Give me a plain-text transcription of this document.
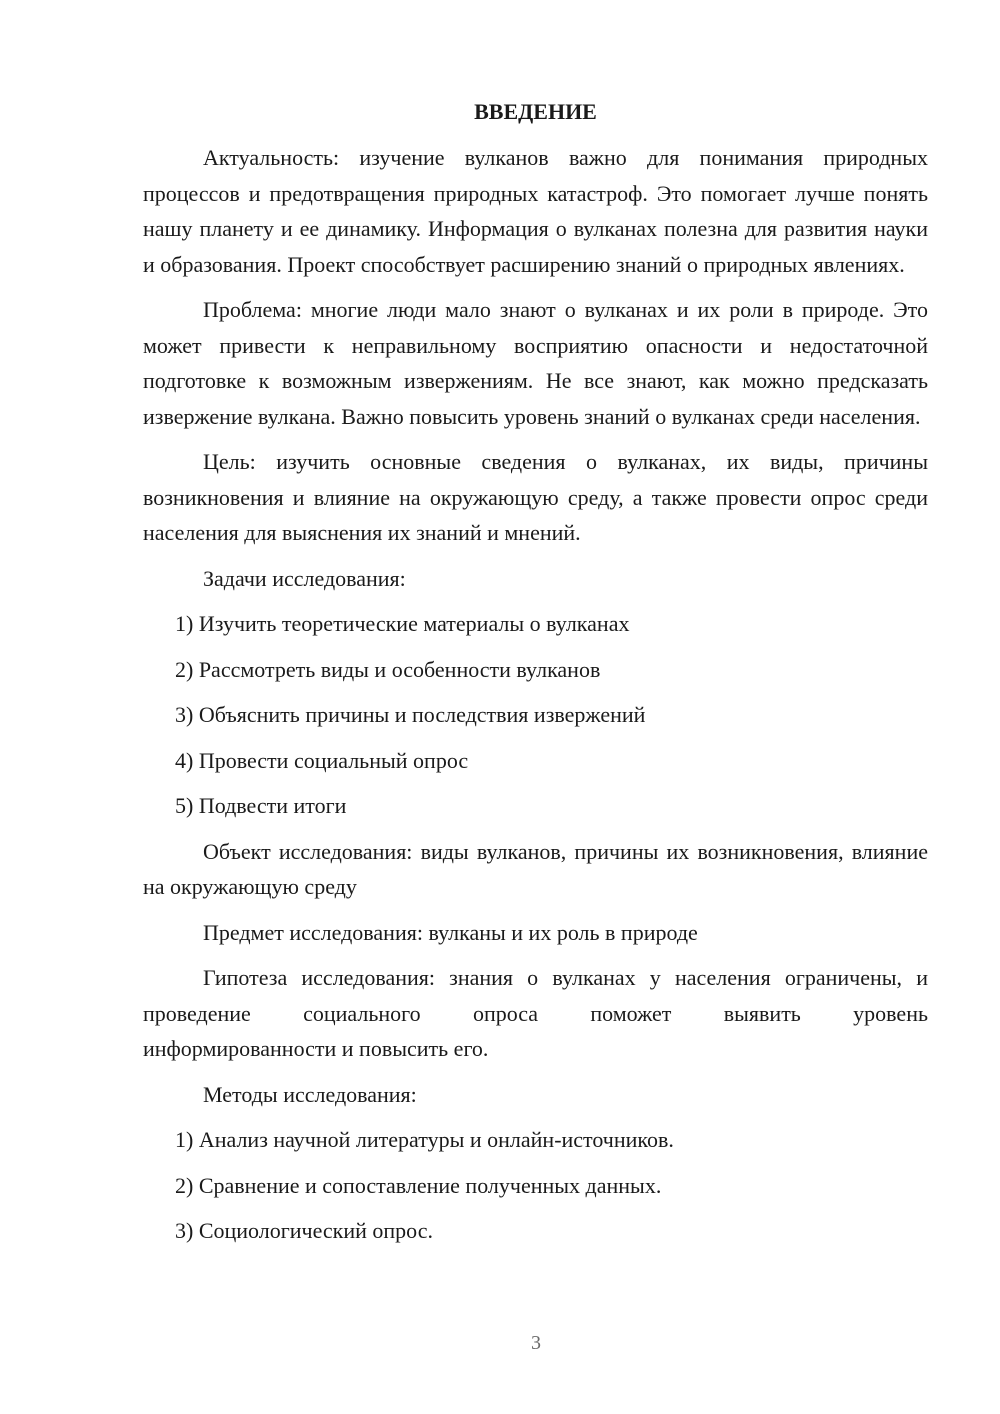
ВВЕДЕНИЕ

Актуальность: изучение вулканов важно для понимания природных процессов и предотвращения природных катастроф. Это помогает лучше понять нашу планету и ее динамику. Информация о вулканах полезна для развития науки и образования. Проект способствует расширению знаний о природных явлениях.

Проблема: многие люди мало знают о вулканах и их роли в природе. Это может привести к неправильному восприятию опасности и недостаточной подготовке к возможным извержениям. Не все знают, как можно предсказать извержение вулкана. Важно повысить уровень знаний о вулканах среди населения.

Цель: изучить основные сведения о вулканах, их виды, причины возникновения и влияние на окружающую среду, а также провести опрос среди населения для выяснения их знаний и мнений.

Задачи исследования:

1) Изучить теоретические материалы о вулканах
2) Рассмотреть виды и особенности вулканов
3) Объяснить причины и последствия извержений
4) Провести социальный опрос
5) Подвести итоги

Объект исследования: виды вулканов, причины их возникновения, влияние на окружающую среду

Предмет исследования: вулканы и их роль в природе

Гипотеза исследования: знания о вулканах у населения ограничены, и проведение социального опроса поможет выявить уровень
информированности и повысить его.

Методы исследования:

1) Анализ научной литературы и онлайн-источников.
2) Сравнение и сопоставление полученных данных.
3) Социологический опрос.
3
